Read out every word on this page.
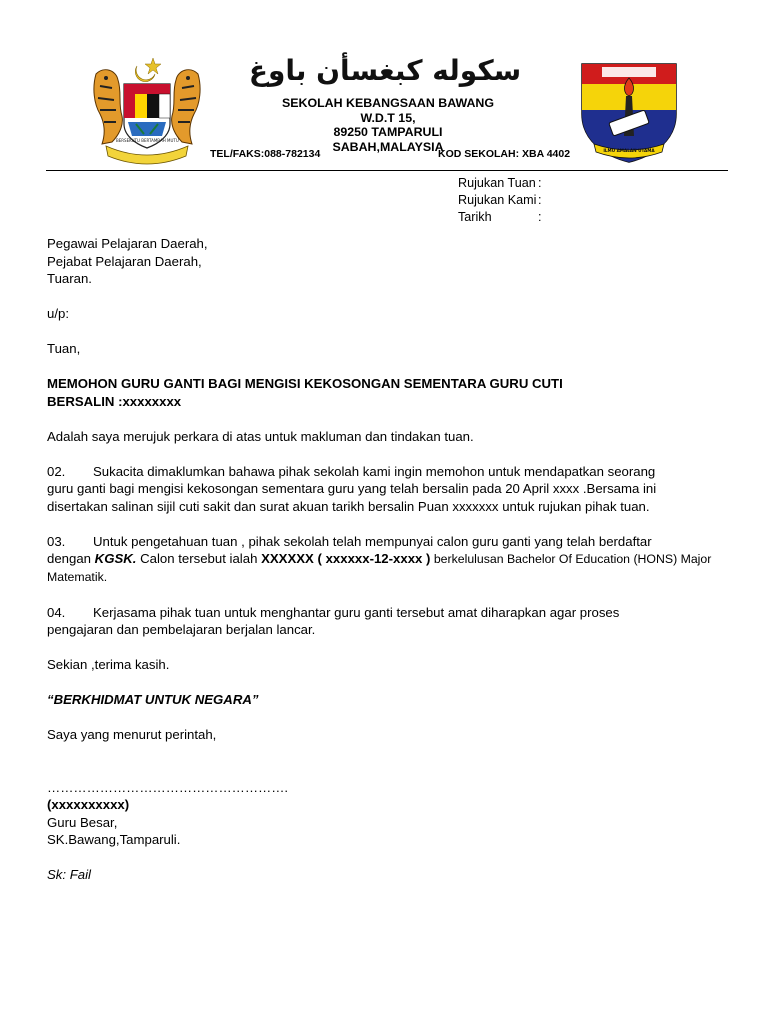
BERSEKUTU BERTAMBAH MUTU
سكوله كبغسأن باوغ
SEKOLAH KEBANGSAAN BAWANG
W.D.T 15,
89250 TAMPARULI
SABAH,MALAYSIA
TEL/FAKS:088-782134	KOD SEKOLAH: XBA 4402	ILMU AMALAN UTAMA
Rujukan Tuan :
Rujukan Kami :
Tarikh	:
Pegawai Pelajaran Daerah,
Pejabat Pelajaran Daerah,
Tuaran.
u/p:
Tuan,
MEMOHON GURU GANTI BAGI MENGISI KEKOSONGAN SEMENTARA GURU CUTI
BERSALIN :xxxxxxxx
Adalah saya merujuk perkara di atas untuk makluman dan tindakan tuan.
02. Sukacita dimaklumkan bahawa pihak sekolah kami ingin memohon untuk mendapatkan seorang
guru ganti bagi mengisi kekosongan sementara guru yang telah bersalin pada 20 April xxxx .Bersama ini
disertakan salinan sijil cuti sakit dan surat akuan tarikh bersalin Puan xxxxxxx untuk rujukan pihak tuan.
03. Untuk pengetahuan tuan , pihak sekolah telah mempunyai calon guru ganti yang telah berdaftar
dengan KGSK. Calon tersebut ialah XXXXXX ( xxxxxx-12-xxxx ) berkelulusan Bachelor Of Education (HONS) Major
Matematik.
04. Kerjasama pihak tuan untuk menghantar guru ganti tersebut amat diharapkan agar proses
pengajaran dan pembelajaran berjalan lancar.
Sekian ,terima kasih.
“BERKHIDMAT UNTUK NEGARA”
Saya yang menurut perintah,
……………………………………………….
(xxxxxxxxxx)
Guru Besar,
SK.Bawang,Tamparuli.
Sk: Fail
